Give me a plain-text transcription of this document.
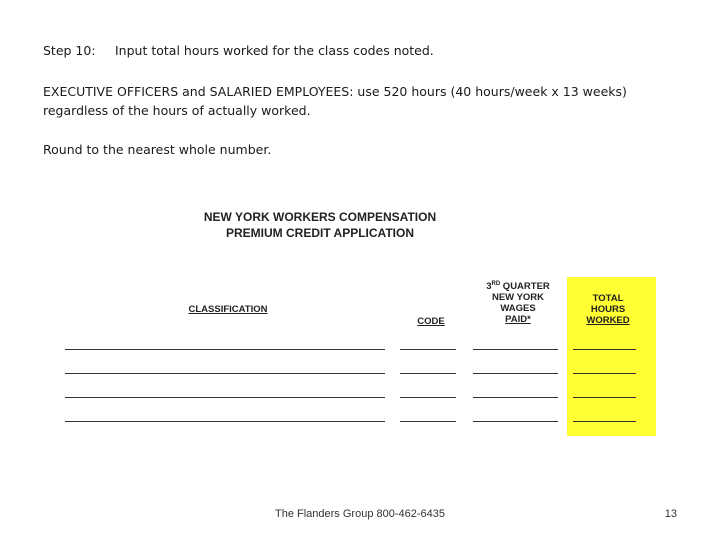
Step 10: Input total hours worked for the class codes noted.
EXECUTIVE OFFICERS and SALARIED EMPLOYEES: use 520 hours (40 hours/week x 13 weeks)
regardless of the hours of actually worked.
Round to the nearest whole number.
NEW YORK WORKERS COMPENSATION
PREMIUM CREDIT APPLICATION
CLASSIFICATION
CODE
3RD QUARTER
NEW YORK
WAGES
PAID*
TOTAL
HOURS
WORKED
The Flanders Group 800-462-6435	13
